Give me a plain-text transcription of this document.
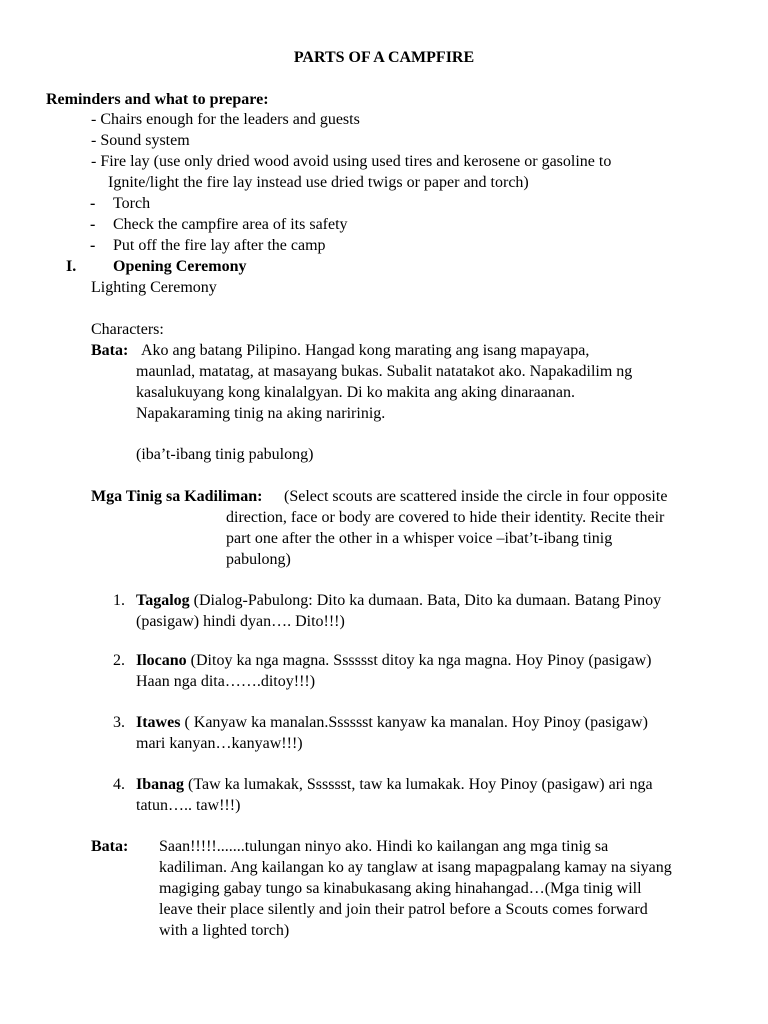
PARTS OF A CAMPFIRE
Reminders and what to prepare:
- Chairs enough for the leaders and guests
- Sound system
- Fire lay (use only dried wood avoid using used tires and kerosene or gasoline to
Ignite/light the fire lay instead use dried twigs or paper and torch)
- Torch
- Check the campfire area of its safety
- Put off the fire lay after the camp
I. Opening Ceremony
Lighting Ceremony
Characters:
Bata: Ako ang batang Pilipino. Hangad kong marating ang isang mapayapa,
maunlad, matatag, at masayang bukas. Subalit natatakot ako. Napakadilim ng
kasalukuyang kong kinalalgyan. Di ko makita ang aking dinaraanan.
Napakaraming tinig na aking naririnig.
(iba’t-ibang tinig pabulong)
Mga Tinig sa Kadiliman: (Select scouts are scattered inside the circle in four opposite
direction, face or body are covered to hide their identity. Recite their
part one after the other in a whisper voice –ibat’t-ibang tinig
pabulong)
1. Tagalog (Dialog-Pabulong: Dito ka dumaan. Bata, Dito ka dumaan. Batang Pinoy
(pasigaw) hindi dyan…. Dito!!!)
2. Ilocano (Ditoy ka nga magna. Sssssst ditoy ka nga magna. Hoy Pinoy (pasigaw)
Haan nga dita…….ditoy!!!)
3. Itawes ( Kanyaw ka manalan.Sssssst kanyaw ka manalan. Hoy Pinoy (pasigaw)
mari kanyan…kanyaw!!!)
4. Ibanag (Taw ka lumakak, Sssssst, taw ka lumakak. Hoy Pinoy (pasigaw) ari nga
tatun….. taw!!!)
Bata: Saan!!!!!.......tulungan ninyo ako. Hindi ko kailangan ang mga tinig sa
kadiliman. Ang kailangan ko ay tanglaw at isang mapagpalang kamay na siyang
magiging gabay tungo sa kinabukasang aking hinahangad…(Mga tinig will
leave their place silently and join their patrol before a Scouts comes forward
with a lighted torch)
